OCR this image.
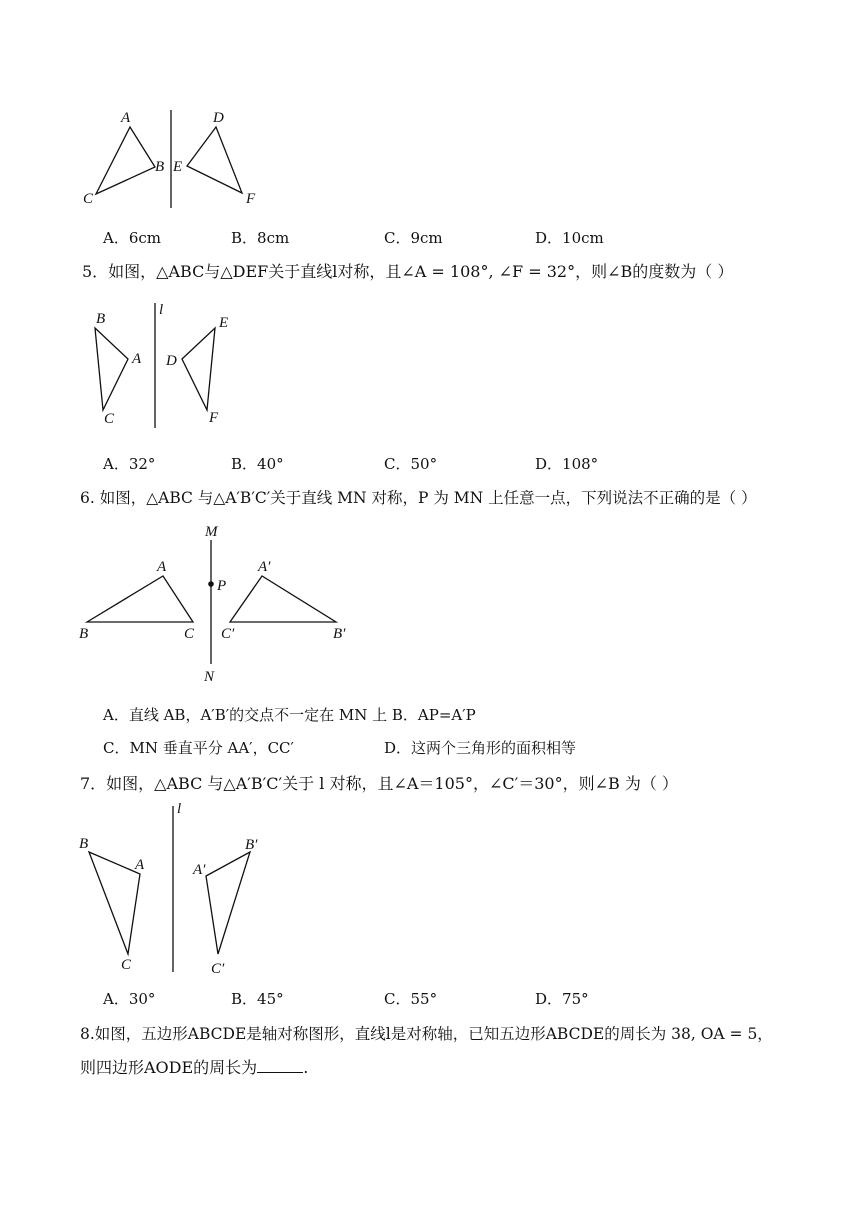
A
B
C
E
D
F
A．6cm	B．8cm	C．9cm	D．10cm
5．如图，△ABC与△DEF关于直线l对称，且∠A = 108°, ∠F = 32°，则∠B的度数为（ ）
B
A
C
l
E
D
F
A．32°	B．40°	C．50°	D．108°
6. 如图，△ABC 与△A′B′C′关于直线 MN 对称，P 为 MN 上任意一点，下列说法不正确的是（ ）
M
A
P
A′
B	C C′	B′
N
A．直线 AB，A′B′的交点不一定在 MN 上 B．AP=A′P
C．MN 垂直平分 AA′，CC′	D．这两个三角形的面积相等
7．如图，△ABC 与△A′B′C′关于 l 对称，且∠A＝105°，∠C′＝30°，则∠B 为（ ）
l
B
A	A′
B′
C	C′
A．30°	B．45°	C．55°	D．75°
8.如图，五边形ABCDE是轴对称图形，直线l是对称轴，已知五边形ABCDE的周长为 38, OA = 5，
则四边形AODE的周长为	.
